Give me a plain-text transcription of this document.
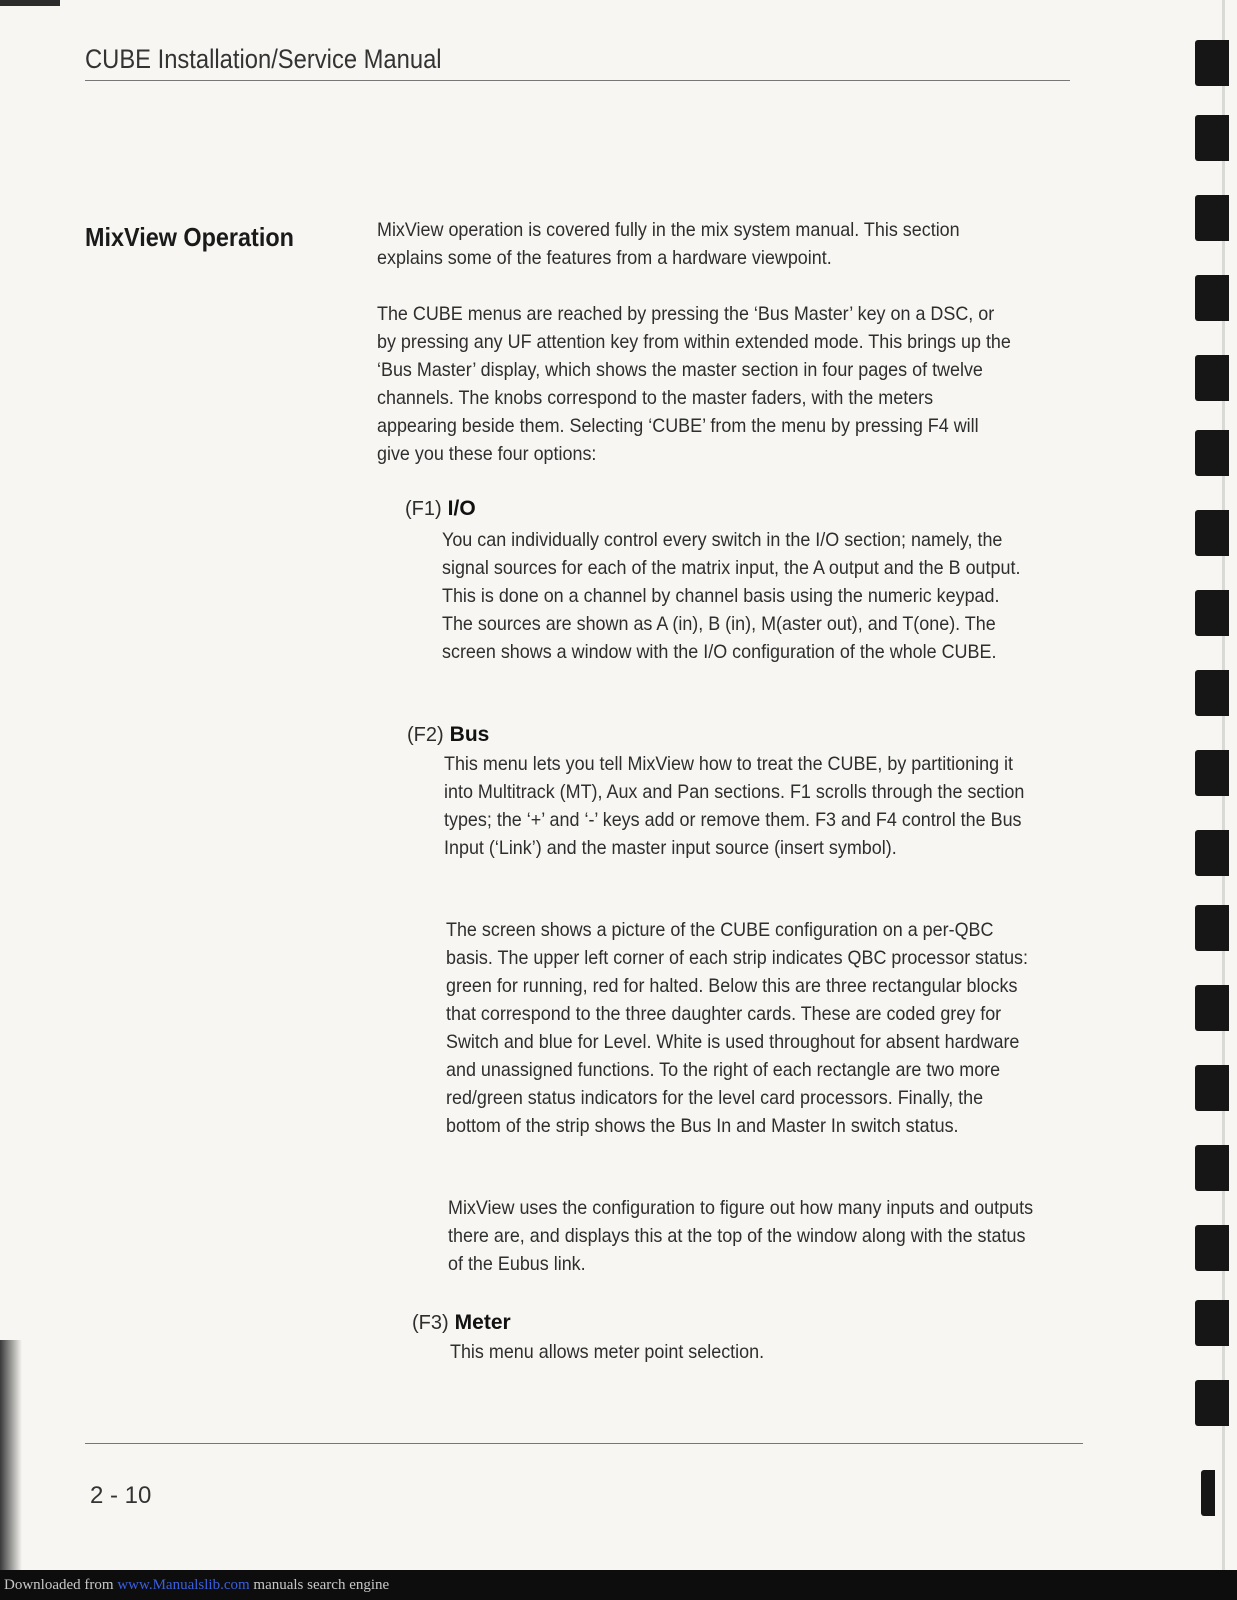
CUBE Installation/Service Manual
MixView Operation	MixView operation is covered fully in the mix system manual. This section explains some of the features from a hardware viewpoint.

The CUBE menus are reached by pressing the ‘Bus Master’ key on a DSC, or by pressing any UF attention key from within extended mode. This brings up the ‘Bus Master’ display, which shows the master section in four pages of twelve channels. The knobs correspond to the master faders, with the meters appearing beside them. Selecting ‘CUBE’ from the menu by pressing F4 will give you these four options:

(F1) I/O

You can individually control every switch in the I/O section; namely, the signal sources for each of the matrix input, the A output and the B output. This is done on a channel by channel basis using the numeric keypad. The sources are shown as A (in), B (in), M(aster out), and T(one). The screen shows a window with the I/O configuration of the whole CUBE.

(F2) Bus

This menu lets you tell MixView how to treat the CUBE, by partitioning it into Multitrack (MT), Aux and Pan sections. F1 scrolls through the section types; the ‘+’ and ‘-’ keys add or remove them. F3 and F4 control the Bus Input (‘Link’) and the master input source (insert symbol).

The screen shows a picture of the CUBE configuration on a per-QBC basis. The upper left corner of each strip indicates QBC processor status: green for running, red for halted. Below this are three rectangular blocks that correspond to the three daughter cards. These are coded grey for Switch and blue for Level. White is used throughout for absent hardware and unassigned functions. To the right of each rectangle are two more red/green status indicators for the level card processors. Finally, the bottom of the strip shows the Bus In and Master In switch status.

MixView uses the configuration to figure out how many inputs and outputs there are, and displays this at the top of the window along with the status of the Eubus link.

(F3) Meter

This menu allows meter point selection.

2 - 10
Downloaded from www.Manualslib.com manuals search engine
